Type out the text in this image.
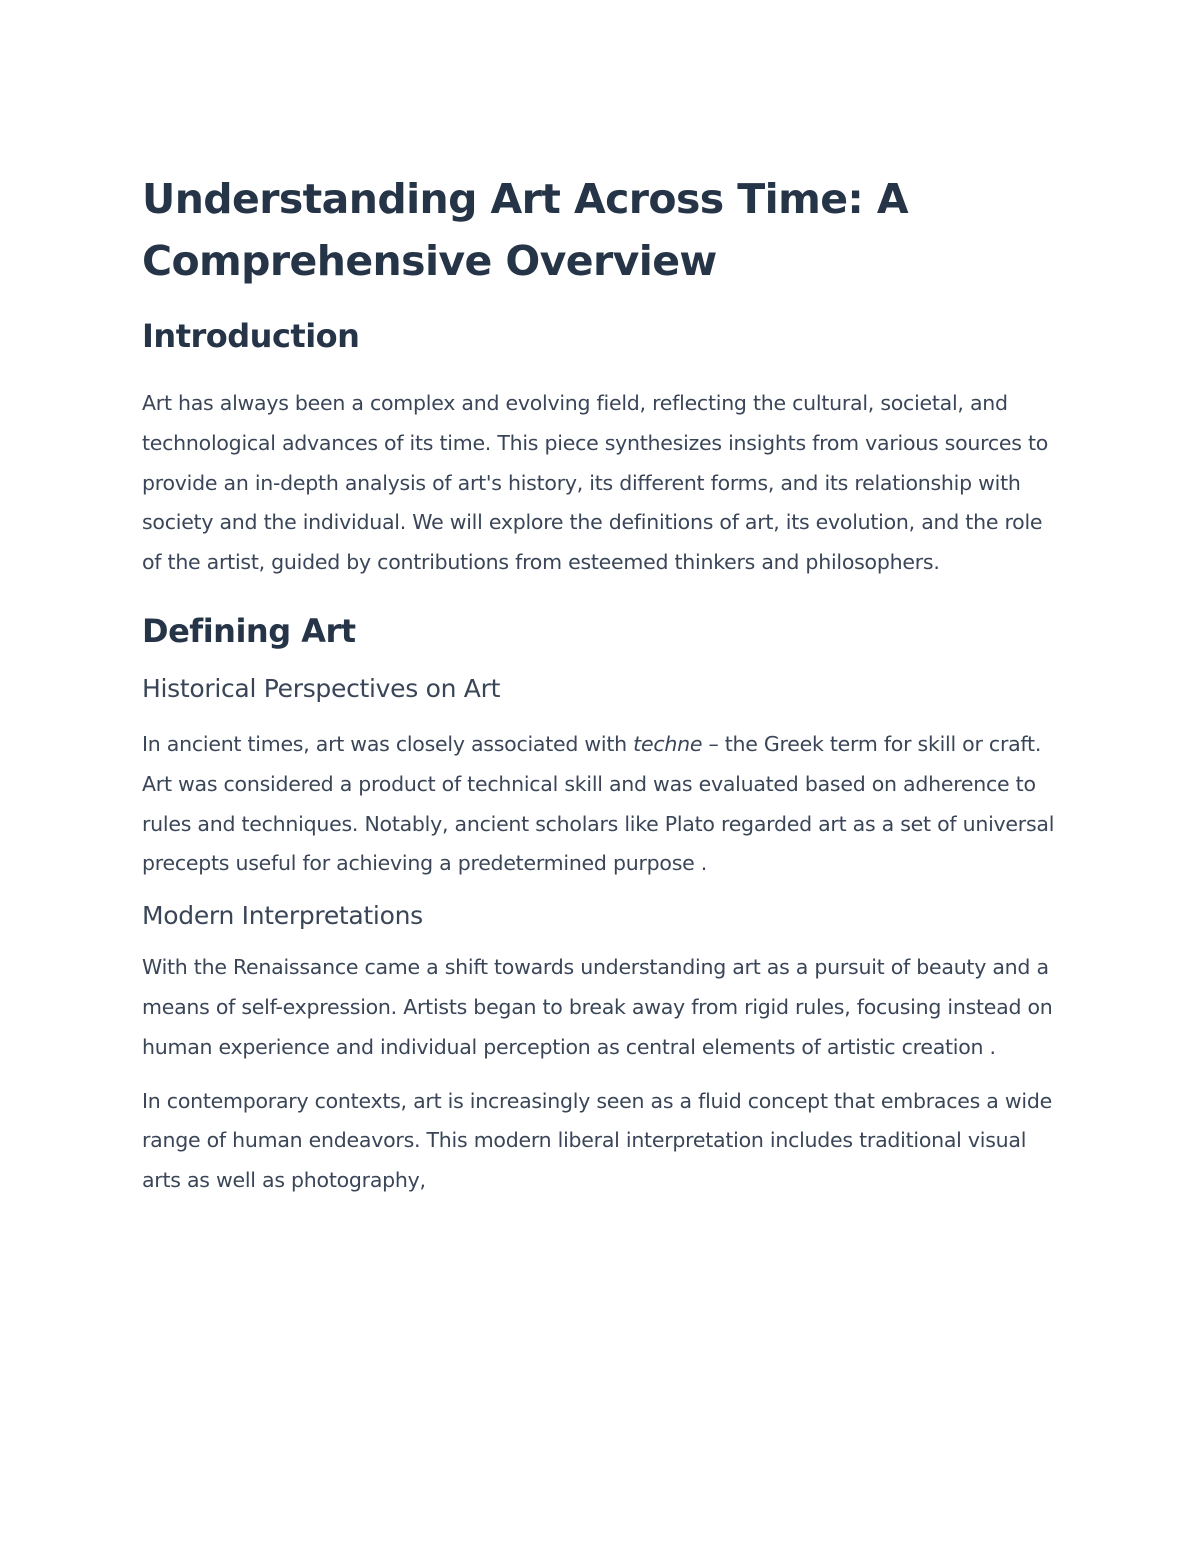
Understanding Art Across Time: A Comprehensive Overview
Introduction

Art has always been a complex and evolving field, reflecting the cultural, societal, and technological advances of its time. This piece synthesizes insights from various sources to provide an in-depth analysis of art's history, its different forms, and its relationship with society and the individual. We will explore the definitions of art, its evolution, and the role of the artist, guided by contributions from esteemed thinkers and philosophers.

Defining Art
Historical Perspectives on Art

In ancient times, art was closely associated with techne – the Greek term for skill or craft. Art was considered a product of technical skill and was evaluated based on adherence to rules and techniques. Notably, ancient scholars like Plato regarded art as a set of universal precepts useful for achieving a predetermined purpose .

Modern Interpretations

With the Renaissance came a shift towards understanding art as a pursuit of beauty and a means of self-expression. Artists began to break away from rigid rules, focusing instead on human experience and individual perception as central elements of artistic creation .

In contemporary contexts, art is increasingly seen as a fluid concept that embraces a wide range of human endeavors. This modern liberal interpretation includes traditional visual arts as well as photography,
